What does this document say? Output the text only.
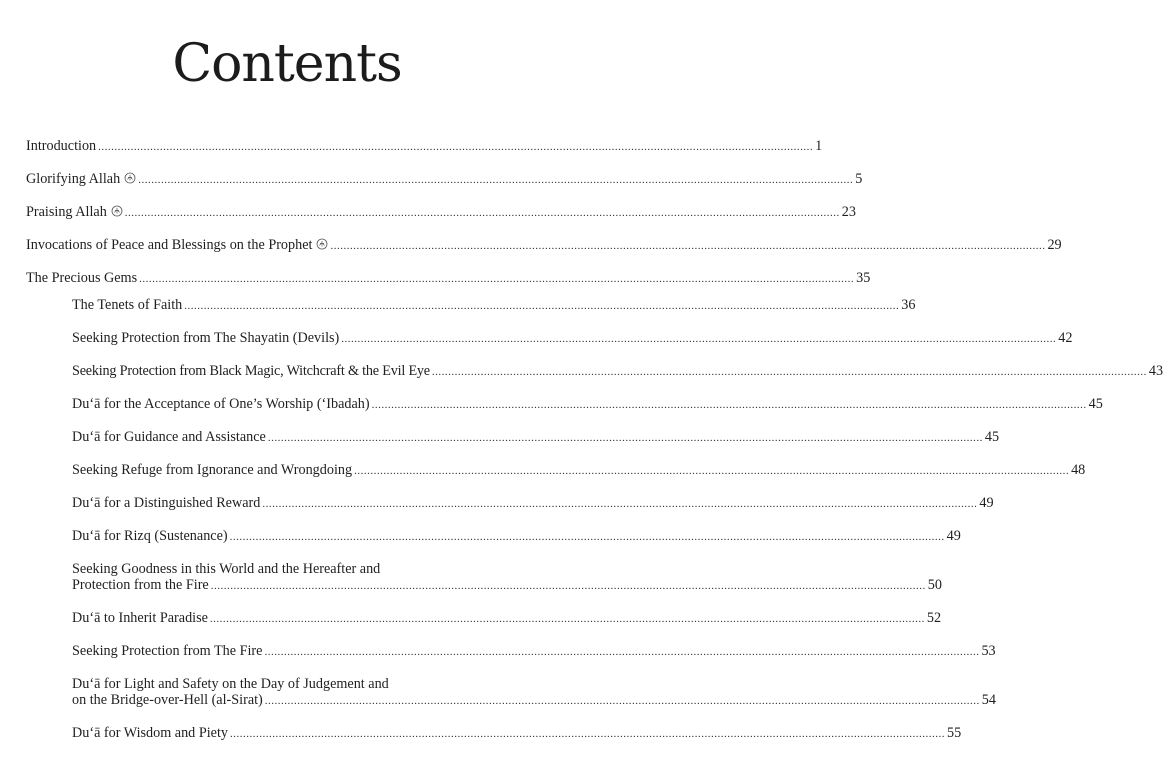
Contents
Introduction ............................................................................................................................................................................................................................ 1
Glorifying Allah ............................................................................................................................................................................................................................ 5
Praising Allah ............................................................................................................................................................................................................................ 23
Invocations of Peace and Blessings on the Prophet ............................................................................................................................................................................................................................ 29
The Precious Gems ............................................................................................................................................................................................................................ 35
The Tenets of Faith ............................................................................................................................................................................................................................ 36
Seeking Protection from The Shayatin (Devils) ............................................................................................................................................................................................................................ 42
Seeking Protection from Black Magic, Witchcraft & the Evil Eye ............................................................................................................................................................................................................................ 43
Du‘ā for the Acceptance of One’s Worship (‘Ibadah) ............................................................................................................................................................................................................................ 45
Du‘ā for Guidance and Assistance ............................................................................................................................................................................................................................ 45
Seeking Refuge from Ignorance and Wrongdoing ............................................................................................................................................................................................................................ 48
Du‘ā for a Distinguished Reward ............................................................................................................................................................................................................................ 49
Du‘ā for Rizq (Sustenance) ............................................................................................................................................................................................................................ 49
Seeking Goodness in this World and the Hereafter and
Protection from the Fire ............................................................................................................................................................................................................................ 50
Du‘ā to Inherit Paradise ............................................................................................................................................................................................................................ 52
Seeking Protection from The Fire ............................................................................................................................................................................................................................ 53
Du‘ā for Light and Safety on the Day of Judgement and
on the Bridge-over-Hell (al-Sirat) ............................................................................................................................................................................................................................ 54
Du‘ā for Wisdom and Piety ............................................................................................................................................................................................................................ 55
